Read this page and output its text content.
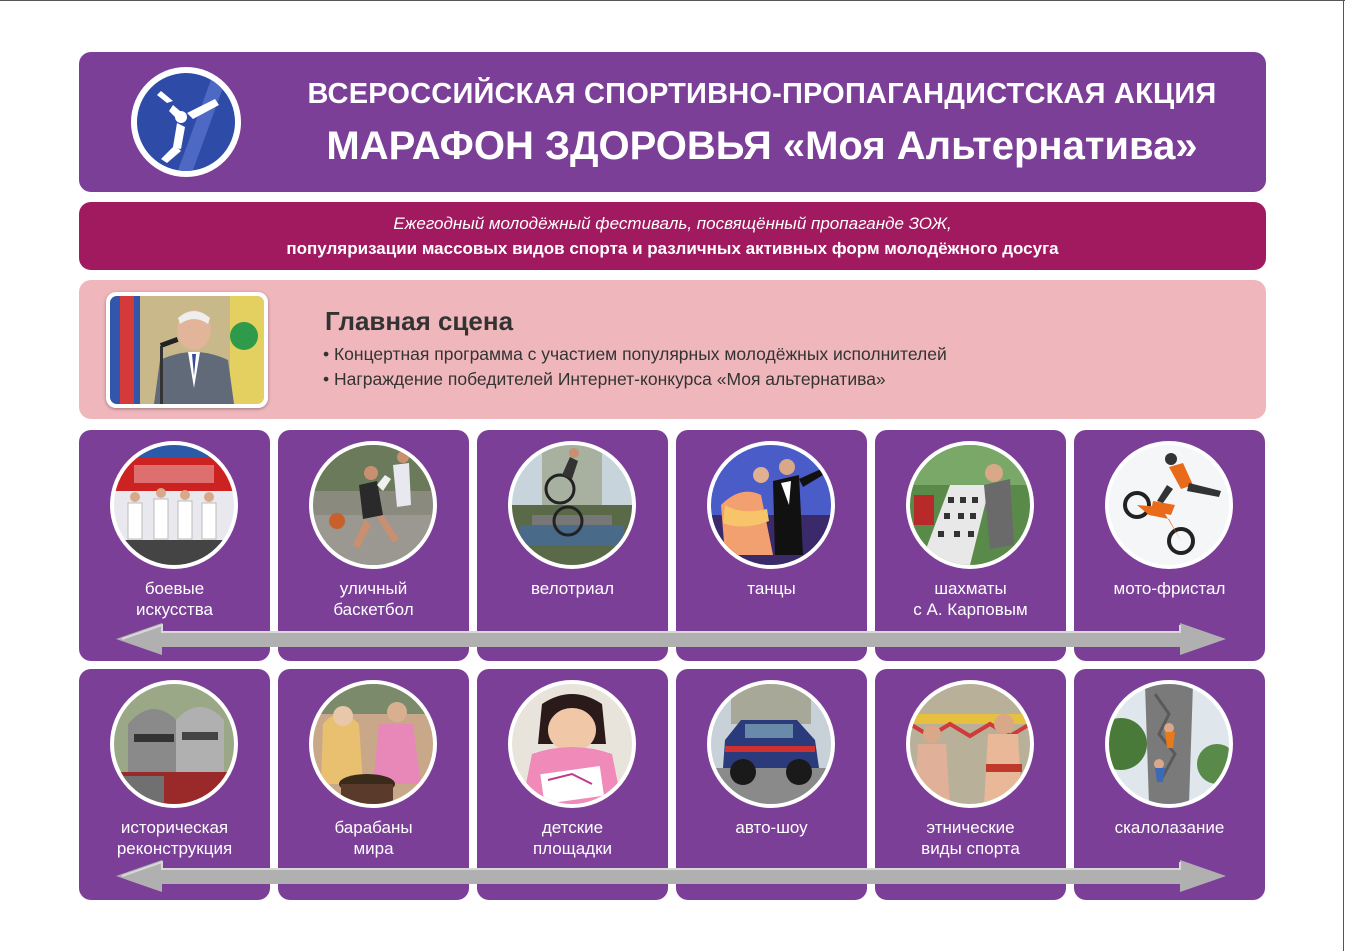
ВСЕРОССИЙСКАЯ СПОРТИВНО-ПРОПАГАНДИСТСКАЯ АКЦИЯ
МАРАФОН ЗДОРОВЬЯ «Моя Альтернатива»
Ежегодный молодёжный фестиваль, посвящённый пропаганде ЗОЖ,
популяризации массовых видов спорта и различных активных форм молодёжного досуга
Главная сцена
• Концертная программа с участием популярных молодёжных исполнителей
• Награждение победителей Интернет-конкурса «Моя альтернатива»
боевые
искусства
уличный
баскетбол
велотриал	танцы	шахматы
с А. Карповым
мото-фристал
историческая
реконструкция
барабаны
мира
детские
площадки
авто-шоу	этнические
виды спорта
скалолазание
